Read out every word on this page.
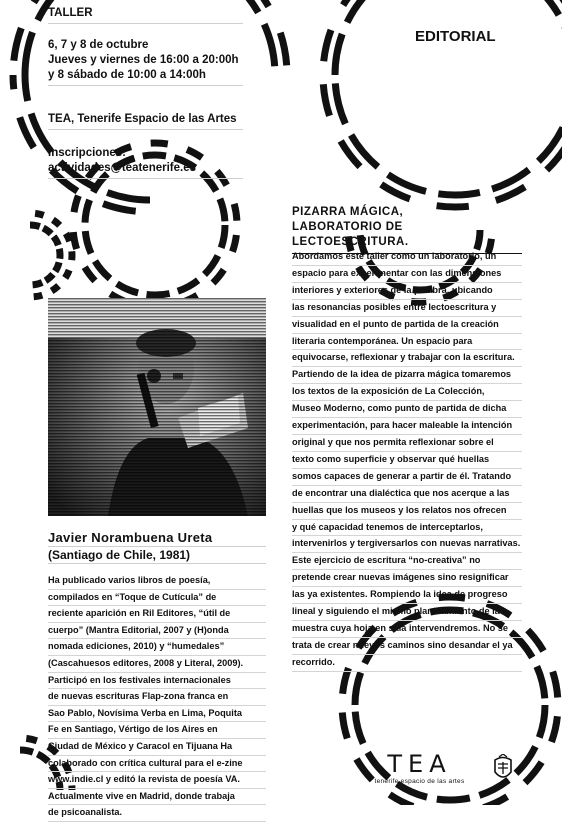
TALLER
6, 7 y 8 de octubre
Jueves y viernes de 16:00 a 20:00h
y 8 sábado de 10:00 a 14:00h
TEA, Tenerife Espacio de las Artes
Inscripciones:
actividades@teatenerife.es
EDITORIAL
PIZARRA MÁGICA,
LABORATORIO DE LECTOESCRITURA.
Abordamos este taller como un laboratorio, un
espacio para experimentar con las dimensiones
interiores y exteriores de la palabra, ubicando
las resonancias posibles entre lectoescritura y
visualidad en el punto de partida de la creación
literaria contemporánea. Un espacio para
equivocarse, reflexionar y trabajar con la escritura.
Partiendo de la idea de pizarra mágica tomaremos
los textos de la exposición de La Colección,
Museo Moderno, como punto de partida de dicha
experimentación, para hacer maleable la intención
original y que nos permita reflexionar sobre el
texto como superficie y observar qué huellas
somos capaces de generar a partir de él. Tratando
de encontrar una dialéctica que nos acerque a las
huellas que los museos y los relatos nos ofrecen
y qué capacidad tenemos de interceptarlos,
intervenirlos y tergiversarlos con nuevas narrativas.
Este ejercicio de escritura “no-creativa” no
pretende crear nuevas imágenes sino resignificar
las ya existentes. Rompiendo la idea de progreso
lineal y siguiendo el mismo planteamiento de la
muestra cuya hoja en sala intervendremos. No se
trata de crear nuevos caminos sino desandar el ya
recorrido.
Javier Norambuena Ureta
(Santiago de Chile, 1981)
Ha publicado varios libros de poesía,
compilados en “Toque de Cutícula” de
reciente aparición en Ril Editores, “útil de
cuerpo” (Mantra Editorial, 2007 y (H)onda
nomada ediciones, 2010) y “humedales”
(Cascahuesos editores, 2008 y Literal, 2009).
Participó en los festivales internacionales
de nuevas escrituras Flap-zona franca en
Sao Pablo, Novísima Verba en Lima, Poquita
Fe en Santiago, Vértigo de los Aires en
Ciudad de México y Caracol en Tijuana Ha
colaborado con crítica cultural para el e-zine
www.indie.cl y editó la revista de poesía VA.
Actualmente vive en Madrid, donde trabaja
de psicoanalista.
TEA
tenerife espacio de las artes
